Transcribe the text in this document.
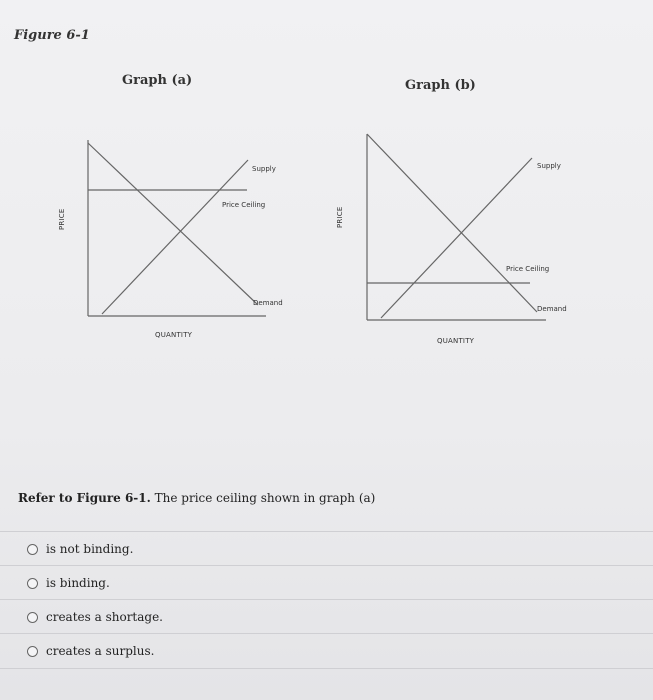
Figure 6-1
Graph (a)
PRICE
QUANTITY
Supply
Price Ceiling
Demand
Graph (b)
PRICE
QUANTITY
Supply
Price Ceiling
Demand
Refer to Figure 6-1. The price ceiling shown in graph (a)
is not binding.
is binding.
creates a shortage.
creates a surplus.
